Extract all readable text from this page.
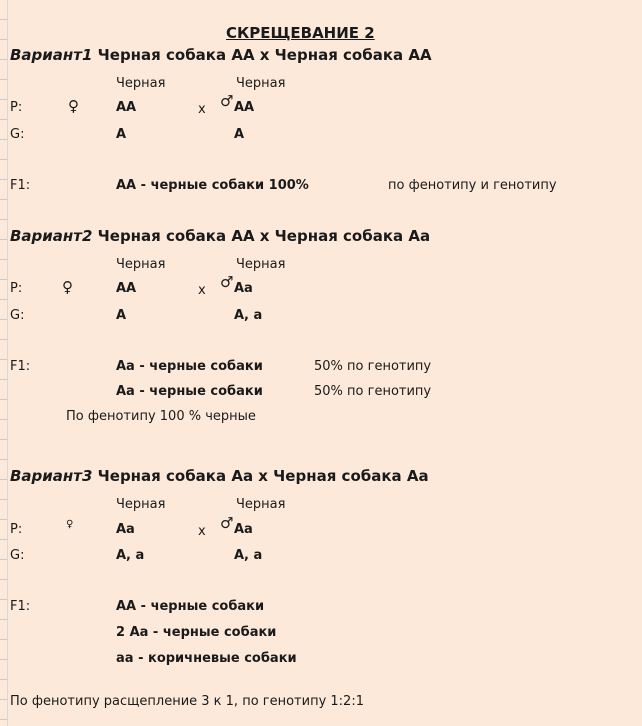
СКРЕЩЕВАНИЕ 2
Вариант1 Черная собака АА х Черная собака АА
Черная	Черная
P:	♀	АА	x ♂ АА
G:	А	А
F1:	АА - черные собаки 100%	по фенотипу и генотипу
Вариант2 Черная собака АА х Черная собака Аа
Черная	Черная
P:	♀	АА	x ♂ Аа
G:	А	А, а
F1:	Аа - черные собаки	50% по генотипу
Аа - черные собаки	50% по генотипу
По фенотипу 100 % черные
Вариант3 Черная собака Аа х Черная собака Аа
Черная	Черная
P:	♀	Аа	x ♂ Аа
G:	А, а	А, а
F1:	АА - черные собаки
2 Аа - черные собаки
аа - коричневые собаки
По фенотипу расщепление 3 к 1, по генотипу 1:2:1
